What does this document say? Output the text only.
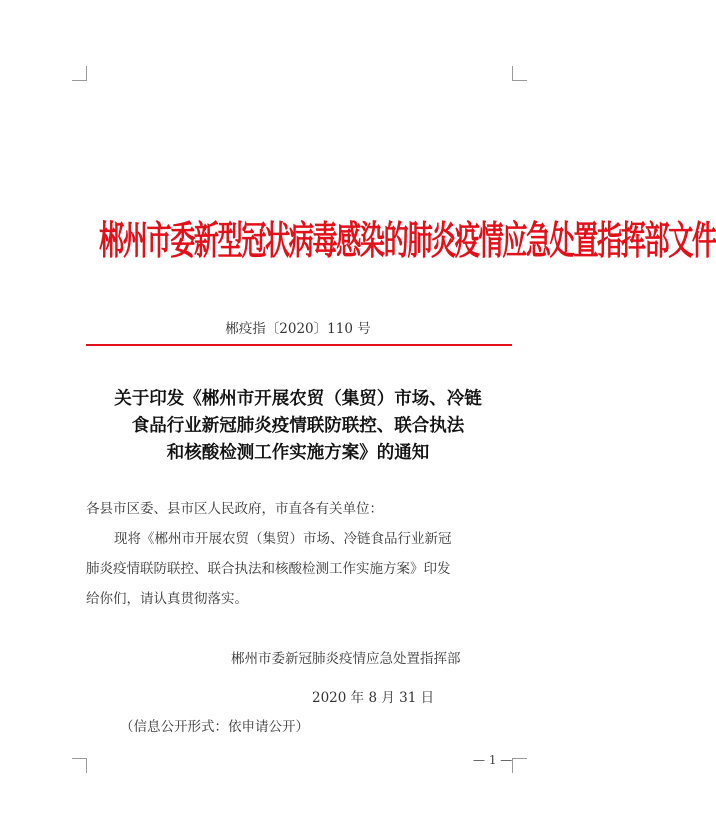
郴州市委新型冠状病毒感染的肺炎疫情应急处置指挥部文件
郴疫指〔2020〕110 号
关于印发《郴州市开展农贸（集贸）市场、冷链
食品行业新冠肺炎疫情联防联控、联合执法
和核酸检测工作实施方案》的通知
各县市区委、县市区人民政府，市直各有关单位：
现将《郴州市开展农贸（集贸）市场、冷链食品行业新冠
肺炎疫情联防联控、联合执法和核酸检测工作实施方案》印发
给你们，请认真贯彻落实。
郴州市委新冠肺炎疫情应急处置指挥部
2020 年 8 月 31 日
（信息公开形式：依申请公开）
— 1 —
